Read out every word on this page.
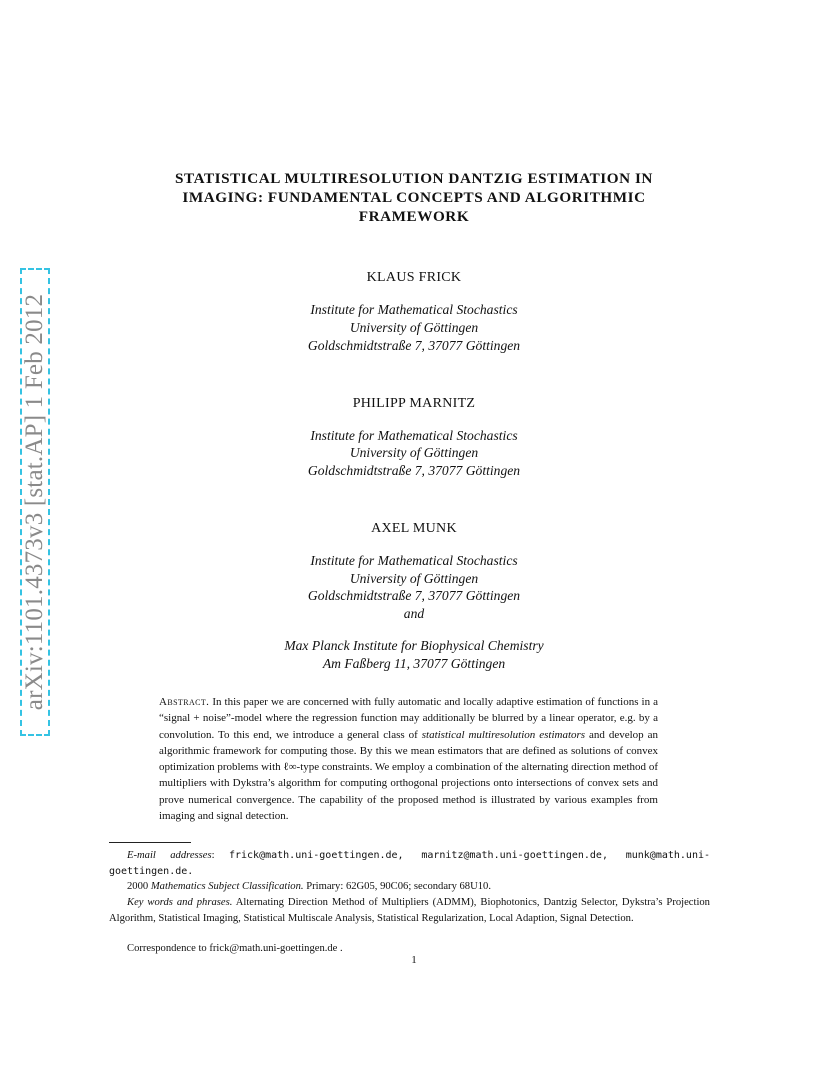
arXiv:1101.4373v3 [stat.AP] 1 Feb 2012
STATISTICAL MULTIRESOLUTION DANTZIG ESTIMATION IN
IMAGING: FUNDAMENTAL CONCEPTS AND ALGORITHMIC
FRAMEWORK
KLAUS FRICK
Institute for Mathematical Stochastics
University of Göttingen
Goldschmidtstraße 7, 37077 Göttingen
PHILIPP MARNITZ
Institute for Mathematical Stochastics
University of Göttingen
Goldschmidtstraße 7, 37077 Göttingen
AXEL MUNK
Institute for Mathematical Stochastics
University of Göttingen
Goldschmidtstraße 7, 37077 Göttingen
and
Max Planck Institute for Biophysical Chemistry
Am Faßberg 11, 37077 Göttingen
Abstract. In this paper we are concerned with fully automatic and locally adaptive estimation of functions in a “signal + noise”-model where the regression function may additionally be blurred by a linear operator, e.g. by a convolution. To this end, we introduce a general class of statistical multiresolution estimators and develop an algorithmic framework for computing those. By this we mean estimators that are defined as solutions of convex optimization problems with ℓ∞-type constraints. We employ a combination of the alternating direction method of multipliers with Dykstra’s algorithm for computing orthogonal projections onto intersections of convex sets and prove numerical convergence. The capability of the proposed method is illustrated by various examples from imaging and signal detection.
E-mail addresses: frick@math.uni-goettingen.de, marnitz@math.uni-goettingen.de, munk@math.uni-goettingen.de.
2000 Mathematics Subject Classification. Primary: 62G05, 90C06; secondary 68U10.
Key words and phrases. Alternating Direction Method of Multipliers (ADMM), Biophotonics, Dantzig Selector, Dykstra’s Projection Algorithm, Statistical Imaging, Statistical Multiscale Analysis, Statistical Regularization, Local Adaption, Signal Detection.
Correspondence to frick@math.uni-goettingen.de .
1
